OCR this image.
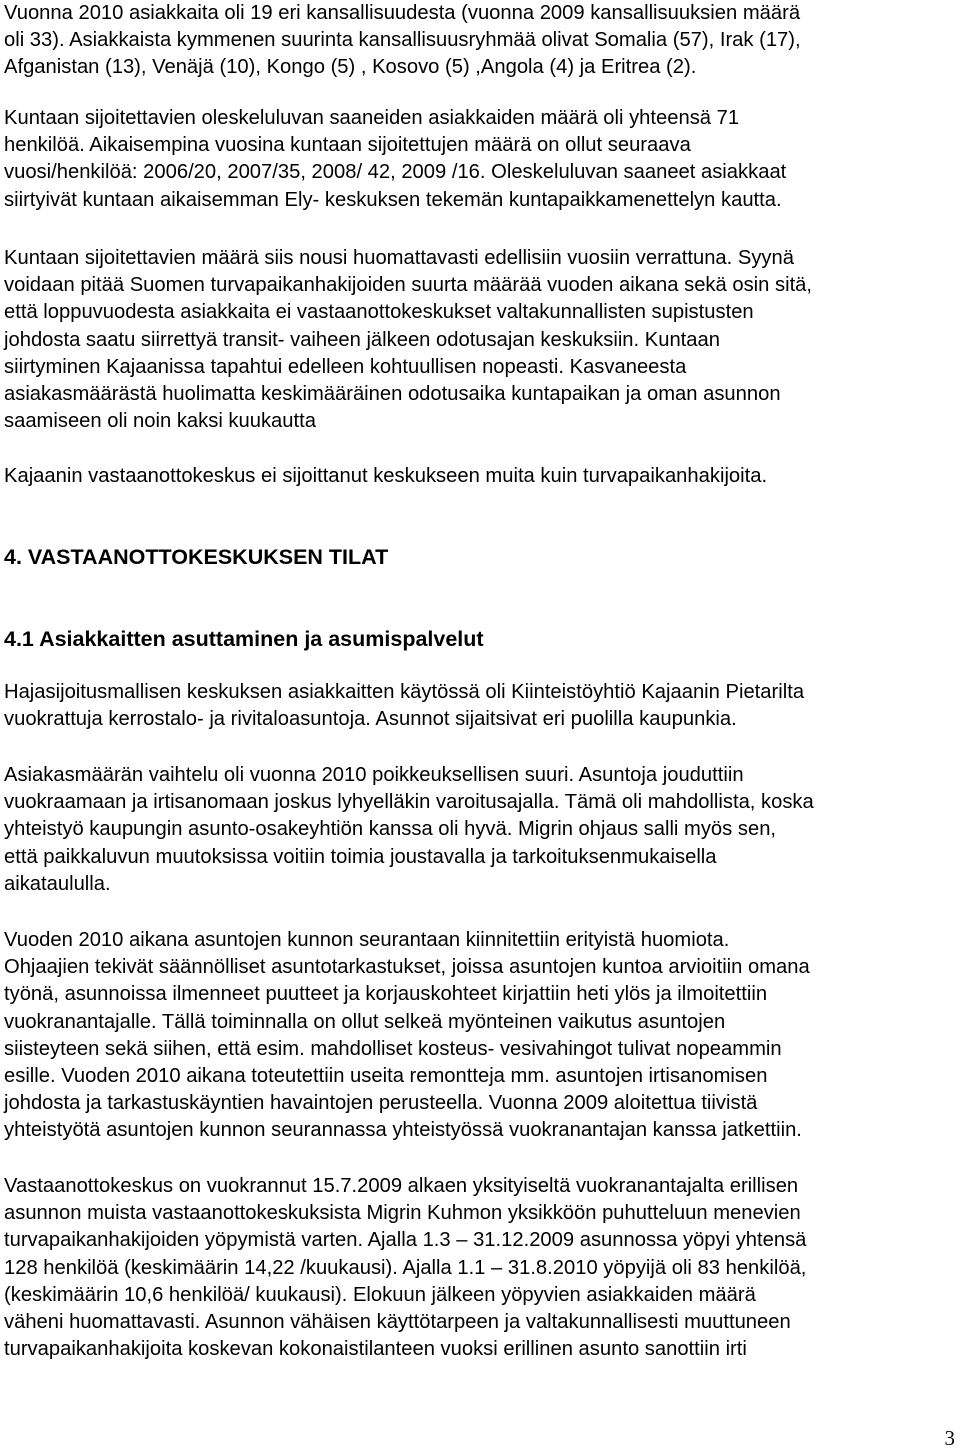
Vuonna 2010 asiakkaita oli 19 eri kansallisuudesta (vuonna 2009 kansallisuuksien määrä
oli 33). Asiakkaista kymmenen suurinta kansallisuusryhmää olivat Somalia (57), Irak (17),
Afganistan (13), Venäjä (10), Kongo (5) , Kosovo (5) ,Angola (4) ja Eritrea (2).

Kuntaan sijoitettavien oleskeluluvan saaneiden asiakkaiden määrä oli yhteensä 71
henkilöä. Aikaisempina vuosina kuntaan sijoitettujen määrä on ollut seuraava
vuosi/henkilöä: 2006/20, 2007/35, 2008/ 42, 2009 /16. Oleskeluluvan saaneet asiakkaat
siirtyivät kuntaan aikaisemman Ely- keskuksen tekemän kuntapaikkamenettelyn kautta.

Kuntaan sijoitettavien määrä siis nousi huomattavasti edellisiin vuosiin verrattuna. Syynä
voidaan pitää Suomen turvapaikanhakijoiden suurta määrää vuoden aikana sekä osin sitä,
että loppuvuodesta asiakkaita ei vastaanottokeskukset valtakunnallisten supistusten
johdosta saatu siirrettyä transit- vaiheen jälkeen odotusajan keskuksiin. Kuntaan
siirtyminen Kajaanissa tapahtui edelleen kohtuullisen nopeasti. Kasvaneesta
asiakasmäärästä huolimatta keskimääräinen odotusaika kuntapaikan ja oman asunnon
saamiseen oli noin kaksi kuukautta

Kajaanin vastaanottokeskus ei sijoittanut keskukseen muita kuin turvapaikanhakijoita.

4. VASTAANOTTOKESKUKSEN TILAT
4.1 Asiakkaitten asuttaminen ja asumispalvelut

Hajasijoitusmallisen keskuksen asiakkaitten käytössä oli Kiinteistöyhtiö Kajaanin Pietarilta
vuokrattuja kerrostalo- ja rivitaloasuntoja. Asunnot sijaitsivat eri puolilla kaupunkia.

Asiakasmäärän vaihtelu oli vuonna 2010 poikkeuksellisen suuri. Asuntoja jouduttiin
vuokraamaan ja irtisanomaan joskus lyhyelläkin varoitusajalla. Tämä oli mahdollista, koska
yhteistyö kaupungin asunto-osakeyhtiön kanssa oli hyvä. Migrin ohjaus salli myös sen,
että paikkaluvun muutoksissa voitiin toimia joustavalla ja tarkoituksenmukaisella
aikataululla.

Vuoden 2010 aikana asuntojen kunnon seurantaan kiinnitettiin erityistä huomiota.
Ohjaajien tekivät säännölliset asuntotarkastukset, joissa asuntojen kuntoa arvioitiin omana
työnä, asunnoissa ilmenneet puutteet ja korjauskohteet kirjattiin heti ylös ja ilmoitettiin
vuokranantajalle. Tällä toiminnalla on ollut selkeä myönteinen vaikutus asuntojen
siisteyteen sekä siihen, että esim. mahdolliset kosteus- vesivahingot tulivat nopeammin
esille. Vuoden 2010 aikana toteutettiin useita remontteja mm. asuntojen irtisanomisen
johdosta ja tarkastuskäyntien havaintojen perusteella. Vuonna 2009 aloitettua tiivistä
yhteistyötä asuntojen kunnon seurannassa yhteistyössä vuokranantajan kanssa jatkettiin.

Vastaanottokeskus on vuokrannut 15.7.2009 alkaen yksityiseltä vuokranantajalta erillisen
asunnon muista vastaanottokeskuksista Migrin Kuhmon yksikköön puhutteluun menevien
turvapaikanhakijoiden yöpymistä varten. Ajalla 1.3 – 31.12.2009 asunnossa yöpyi yhtensä
128 henkilöä (keskimäärin 14,22 /kuukausi). Ajalla 1.1 – 31.8.2010 yöpyijä oli 83 henkilöä,
(keskimäärin 10,6 henkilöä/ kuukausi). Elokuun jälkeen yöpyvien asiakkaiden määrä
väheni huomattavasti. Asunnon vähäisen käyttötarpeen ja valtakunnallisesti muuttuneen
turvapaikanhakijoita koskevan kokonaistilanteen vuoksi erillinen asunto sanottiin irti

3
